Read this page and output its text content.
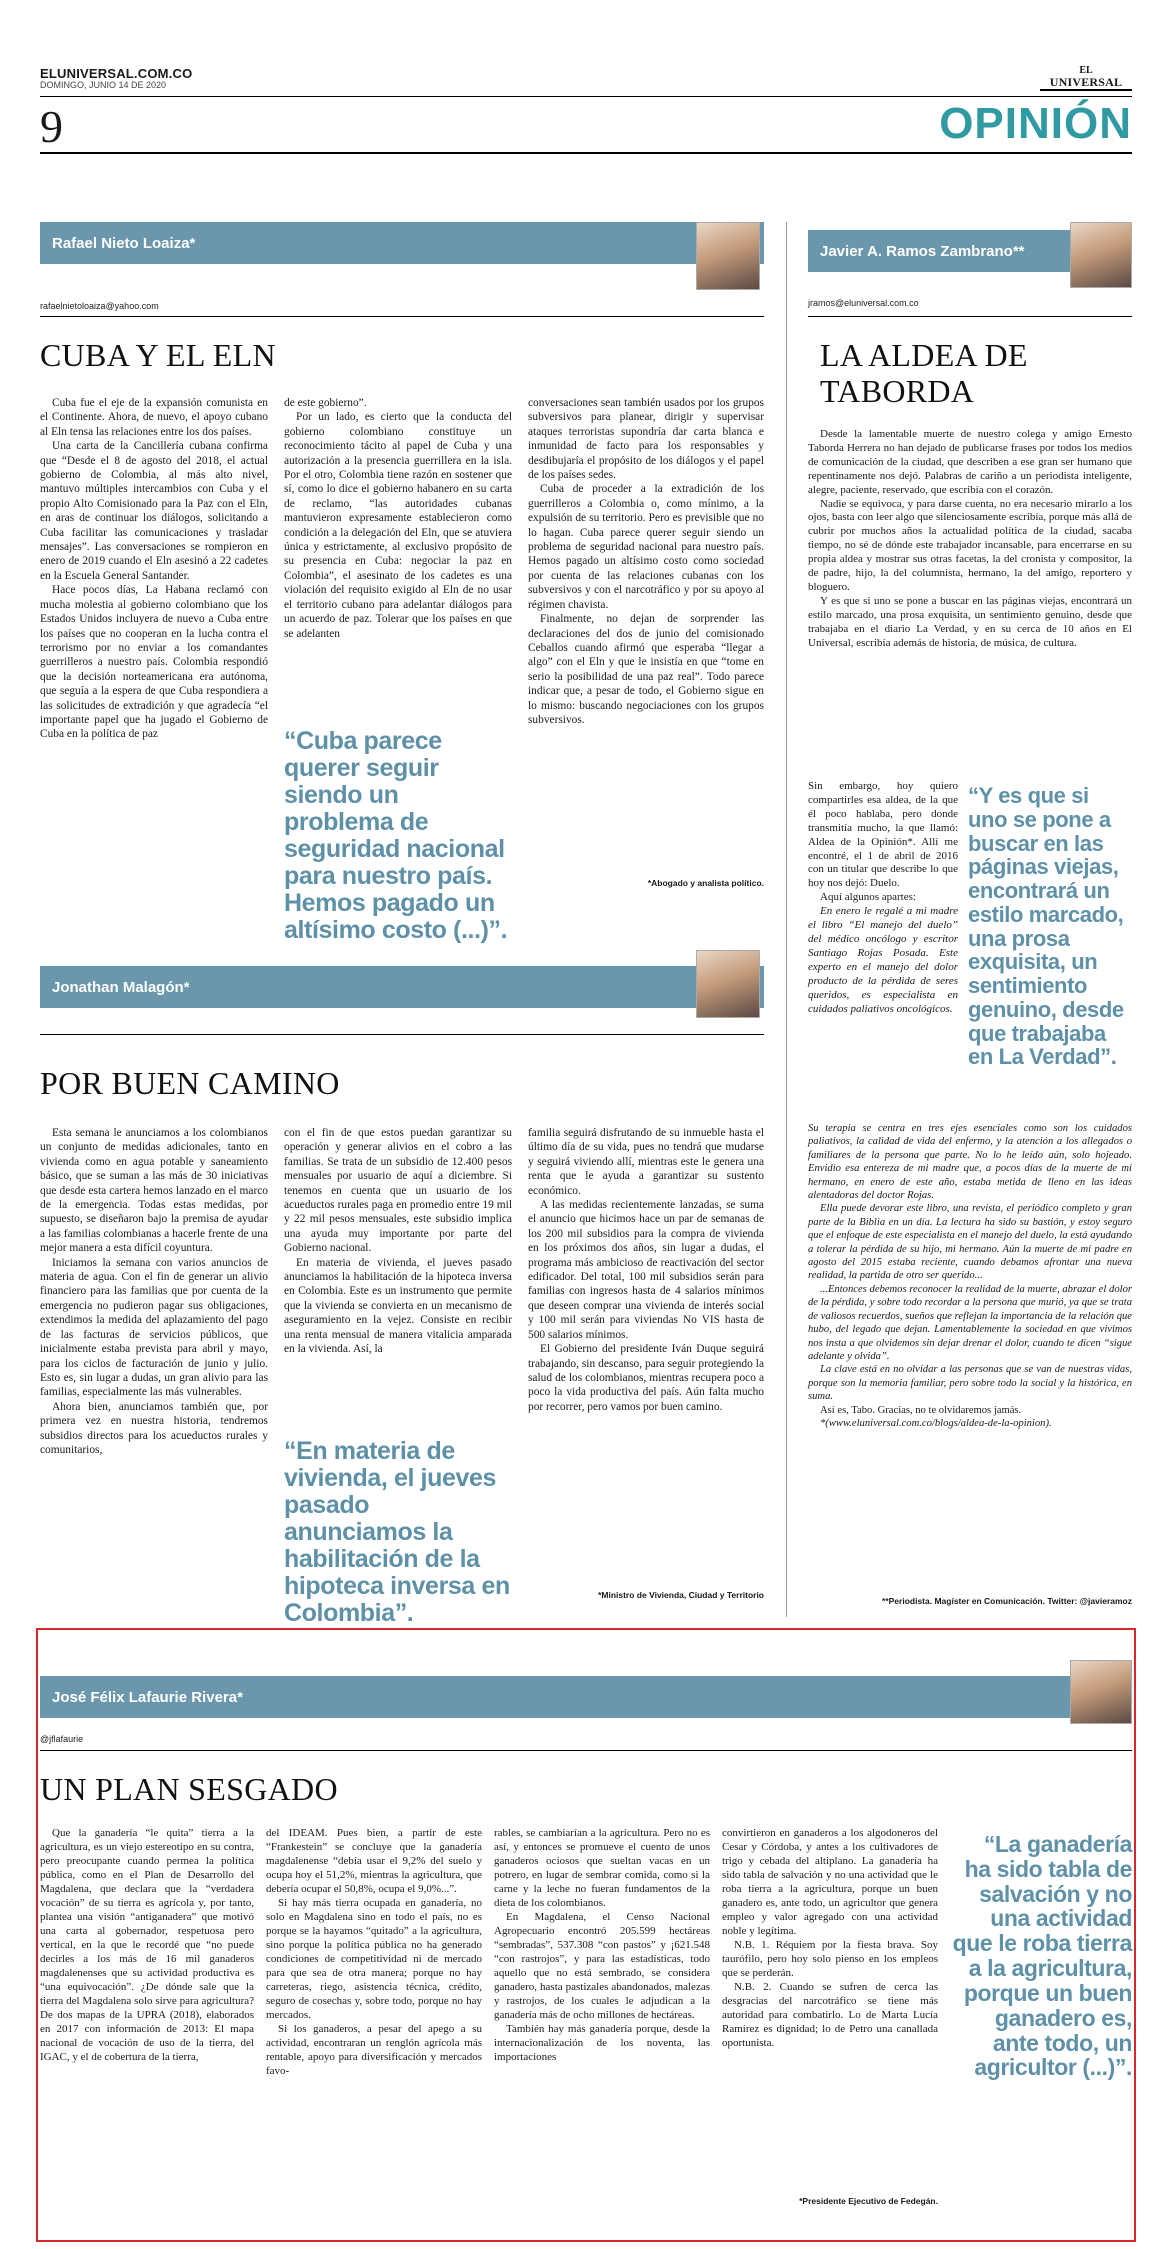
ELUNIVERSAL.COM.CO
DOMINGO, JUNIO 14 DE 2020
EL
UNIVERSAL
9	OPINIÓN
Rafael Nieto Loaiza*
rafaelnietoloaiza@yahoo.com
CUBA Y EL ELN

Cuba fue el eje de la expansión comunista en el Continente. Ahora, de nuevo, el apoyo cubano al Eln tensa las relaciones entre los dos países.

Una carta de la Cancillería cubana confirma que “Desde el 8 de agosto del 2018, el actual gobierno de Colombia, al más alto nivel, mantuvo múltiples intercambios con Cuba y el propio Alto Comisionado para la Paz con el Eln, en aras de continuar los diálogos, solicitando a Cuba facilitar las comunicaciones y trasladar mensajes”. Las conversaciones se rompieron en enero de 2019 cuando el Eln asesinó a 22 cadetes en la Escuela General Santander.

Hace pocos días, La Habana reclamó con mucha molestia al gobierno colombiano que los Estados Unidos incluyera de nuevo a Cuba entre los países que no cooperan en la lucha contra el terrorismo por no enviar a los comandantes guerrilleros a nuestro país. Colombia respondió que la decisión norteamericana era autónoma, que seguía a la espera de que Cuba respondiera a las solicitudes de extradición y que agradecía “el importante papel que ha jugado el Gobierno de Cuba en la política de paz

de este gobierno”.

Por un lado, es cierto que la conducta del gobierno colombiano constituye un reconocimiento tácito al papel de Cuba y una autorización a la presencia guerrillera en la isla. Por el otro, Colombia tiene razón en sostener que sí, como lo dice el gobierno habanero en su carta de reclamo, “las autoridades cubanas mantuvieron expresamente establecieron como condición a la delegación del Eln, que se atuviera única y estrictamente, al exclusivo propósito de su presencia en Cuba: negociar la paz en Colombia”, el asesinato de los cadetes es una violación del requisito exigido al Eln de no usar el territorio cubano para adelantar diálogos para un acuerdo de paz. Tolerar que los países en que se adelanten

“Cuba parece querer seguir siendo un problema de seguridad nacional para nuestro país. Hemos pagado un altísimo costo (...)”.

conversaciones sean también usados por los grupos subversivos para planear, dirigir y supervisar ataques terroristas supondría dar carta blanca e inmunidad de facto para los responsables y desdibujaría el propósito de los diálogos y el papel de los países sedes.

Cuba de proceder a la extradición de los guerrilleros a Colombia o, como mínimo, a la expulsión de su territorio. Pero es previsible que no lo hagan. Cuba parece querer seguir siendo un problema de seguridad nacional para nuestro país. Hemos pagado un altísimo costo como sociedad por cuenta de las relaciones cubanas con los subversivos y con el narcotráfico y por su apoyo al régimen chavista.

Finalmente, no dejan de sorprender las declaraciones del dos de junio del comisionado Ceballos cuando afirmó que esperaba “llegar a algo” con el Eln y que le insistía en que “tome en serio la posibilidad de una paz real”. Todo parece indicar que, a pesar de todo, el Gobierno sigue en lo mismo: buscando negociaciones con los grupos subversivos.

*Abogado y analista político.
Jonathan Malagón*
POR BUEN CAMINO

Esta semana le anunciamos a los colombianos un conjunto de medidas adicionales, tanto en vivienda como en agua potable y saneamiento básico, que se suman a las más de 30 iniciativas que desde esta cartera hemos lanzado en el marco de la emergencia. Todas estas medidas, por supuesto, se diseñaron bajo la premisa de ayudar a las familias colombianas a hacerle frente de una mejor manera a esta difícil coyuntura.

Iniciamos la semana con varios anuncios de materia de agua. Con el fin de generar un alivio financiero para las familias que por cuenta de la emergencia no pudieron pagar sus obligaciones, extendimos la medida del aplazamiento del pago de las facturas de servicios públicos, que inicialmente estaba prevista para abril y mayo, para los ciclos de facturación de junio y julio. Esto es, sin lugar a dudas, un gran alivio para las familias, especialmente las más vulnerables.

Ahora bien, anunciamos también que, por primera vez en nuestra historia, tendremos subsidios directos para los acueductos rurales y comunitarios,

con el fin de que estos puedan garantizar su operación y generar alivios en el cobro a las familias. Se trata de un subsidio de 12.400 pesos mensuales por usuario de aquí a diciembre. Si tenemos en cuenta que un usuario de los acueductos rurales paga en promedio entre 19 mil y 22 mil pesos mensuales, este subsidio implica una ayuda muy importante por parte del Gobierno nacional.

En materia de vivienda, el jueves pasado anunciamos la habilitación de la hipoteca inversa en Colombia. Este es un instrumento que permite que la vivienda se convierta en un mecanismo de aseguramiento en la vejez. Consiste en recibir una renta mensual de manera vitalicia amparada en la vivienda. Así, la

“En materia de vivienda, el jueves pasado anunciamos la habilitación de la hipoteca inversa en Colombia”.

familia seguirá disfrutando de su inmueble hasta el último día de su vida, pues no tendrá que mudarse y seguirá viviendo allí, mientras este le genera una renta que le ayuda a garantizar su sustento económico.

A las medidas recientemente lanzadas, se suma el anuncio que hicimos hace un par de semanas de los 200 mil subsidios para la compra de vivienda en los próximos dos años, sin lugar a dudas, el programa más ambicioso de reactivación del sector edificador. Del total, 100 mil subsidios serán para familias con ingresos hasta de 4 salarios mínimos que deseen comprar una vivienda de interés social y 100 mil serán para viviendas No VIS hasta de 500 salarios mínimos.

El Gobierno del presidente Iván Duque seguirá trabajando, sin descanso, para seguir protegiendo la salud de los colombianos, mientras recupera poco a poco la vida productiva del país. Aún falta mucho por recorrer, pero vamos por buen camino.

*Ministro de Vivienda, Ciudad y Territorio
Javier A. Ramos Zambrano**
jramos@eluniversal.com.co
LA ALDEA DE TABORDA

Desde la lamentable muerte de nuestro colega y amigo Ernesto Taborda Herrera no han dejado de publicarse frases por todos los medios de comunicación de la ciudad, que describen a ese gran ser humano que repentinamente nos dejó. Palabras de cariño a un periodista inteligente, alegre, paciente, reservado, que escribía con el corazón.

Nadie se equivoca, y para darse cuenta, no era necesario mirarlo a los ojos, basta con leer algo que silenciosamente escribía, porque más allá de cubrir por muchos años la actualidad política de la ciudad, sacaba tiempo, no sé de dónde este trabajador incansable, para encerrarse en su propia aldea y mostrar sus otras facetas, la del cronista y compositor, la de padre, hijo, la del columnista, hermano, la del amigo, reportero y bloguero.

Y es que si uno se pone a buscar en las páginas viejas, encontrará un estilo marcado, una prosa exquisita, un sentimiento genuino, desde que trabajaba en el diario La Verdad, y en su cerca de 10 años en El Universal, escribía además de historia, de música, de cultura.

Sin embargo, hoy quiero compartirles esa aldea, de la que él poco hablaba, pero donde transmitía mucho, la que llamó: Aldea de la Opinión*. Allí me encontré, el 1 de abril de 2016 con un titular que describe lo que hoy nos dejó: Duelo.

Aquí algunos apartes:

En enero le regalé a mi madre el libro “El manejo del duelo” del médico oncólogo y escritor Santiago Rojas Posada. Este experto en el manejo del dolor producto de la pérdida de seres queridos, es especialista en cuidados paliativos oncológicos.

“Y es que si uno se pone a buscar en las páginas viejas, encontrará un estilo marcado, una prosa exquisita, un sentimiento genuino, desde que trabajaba en La Verdad”.

Su terapia se centra en tres ejes esenciales como son los cuidados paliativos, la calidad de vida del enfermo, y la atención a los allegados o familiares de la persona que parte. No lo he leído aún, solo hojeado. Envidio esa entereza de mi madre que, a pocos días de la muerte de mi hermano, en enero de este año, estaba metida de lleno en las ideas alentadoras del doctor Rojas.

Ella puede devorar este libro, una revista, el periódico completo y gran parte de la Biblia en un día. La lectura ha sido su bastión, y estoy seguro que el enfoque de este especialista en el manejo del duelo, la está ayudando a tolerar la pérdida de su hijo, mi hermano. Aún la muerte de mi padre en agosto del 2015 estaba reciente, cuando debamos afrontar una nueva realidad, la partida de otro ser querido...

...Entonces debemos reconocer la realidad de la muerte, abrazar el dolor de la pérdida, y sobre todo recordar a la persona que murió, ya que se trata de valiosos recuerdos, sueños que reflejan la importancia de la relación que hubo, del legado que dejan. Lamentablemente la sociedad en que vivimos nos insta a que olvidemos sin dejar drenar el dolor, cuando te dicen “sigue adelante y olvida”.

La clave está en no olvidar a las personas que se van de nuestras vidas, porque son la memoria familiar, pero sobre todo la social y la histórica, en suma.

Así es, Tabo. Gracias, no te olvidaremos jamás.

*(www.eluniversal.com.co/blogs/aldea-de-la-opinion).

**Periodista. Magíster en Comunicación. Twitter: @javieramoz
José Félix Lafaurie Rivera*
@jflafaurie
UN PLAN SESGADO

Que la ganadería “le quita” tierra a la agricultura, es un viejo estereotipo en su contra, pero preocupante cuando permea la política pública, como en el Plan de Desarrollo del Magdalena, que declara que la “verdadera vocación” de su tierra es agrícola y, por tanto, plantea una visión “antiganadera” que motivó una carta al gobernador, respetuosa pero vertical, en la que le recordé que “no puede decirles a los más de 16 mil ganaderos magdalenenses que su actividad productiva es “una equivocación”. ¿De dónde sale que la tierra del Magdalena solo sirve para agricultura? De dos mapas de la UPRA (2018), elaborados en 2017 con información de 2013: El mapa nacional de vocación de uso de la tierra, del IGAC, y el de cobertura de la tierra,

del IDEAM. Pues bien, a partir de este “Frankestein” se concluye que la ganadería magdalenense “debía usar el 9,2% del suelo y ocupa hoy el 51,2%, mientras la agricultura, que debería ocupar el 50,8%, ocupa el 9,0%...”.

Si hay más tierra ocupada en ganadería, no solo en Magdalena sino en todo el país, no es porque se la hayamos “quitado” a la agricultura, sino porque la política pública no ha generado condiciones de competitividad ni de mercado para que sea de otra manera; porque no hay carreteras, riego, asistencia técnica, crédito, seguro de cosechas y, sobre todo, porque no hay mercados.

Si los ganaderos, a pesar del apego a su actividad, encontraran un renglón agrícola más rentable, apoyo para diversificación y mercados favo-

rables, se cambiarían a la agricultura. Pero no es así, y entonces se promueve el cuento de unos ganaderos ociosos que sueltan vacas en un potrero, en lugar de sembrar comida, como si la carne y la leche no fueran fundamentos de la dieta de los colombianos.

En Magdalena, el Censo Nacional Agropecuario encontró 205.599 hectáreas “sembradas”, 537.308 “con pastos” y ¡621.548 “con rastrojos”, y para las estadísticas, todo aquello que no está sembrado, se considera ganadero, hasta pastizales abandonados, malezas y rastrojos, de los cuales le adjudican a la ganadería más de ocho millones de hectáreas.

También hay más ganadería porque, desde la internacionalización de los noventa, las importaciones

convirtieron en ganaderos a los algodoneros del Cesar y Córdoba, y antes a los cultivadores de trigo y cebada del altiplano. La ganadería ha sido tabla de salvación y no una actividad que le roba tierra a la agricultura, porque un buen ganadero es, ante todo, un agricultor que genera empleo y valor agregado con una actividad noble y legítima.

N.B. 1. Réquiem por la fiesta brava. Soy taurófilo, pero hoy solo pienso en los empleos que se perderán.

N.B. 2. Cuando se sufren de cerca las desgracias del narcotráfico se tiene más autoridad para combatirlo. Lo de Marta Lucía Ramírez es dignidad; lo de Petro una canallada oportunista.

“La ganadería ha sido tabla de salvación y no una actividad que le roba tierra a la agricultura, porque un buen ganadero es, ante todo, un agricultor (...)”.
*Presidente Ejecutivo de Fedegán.
